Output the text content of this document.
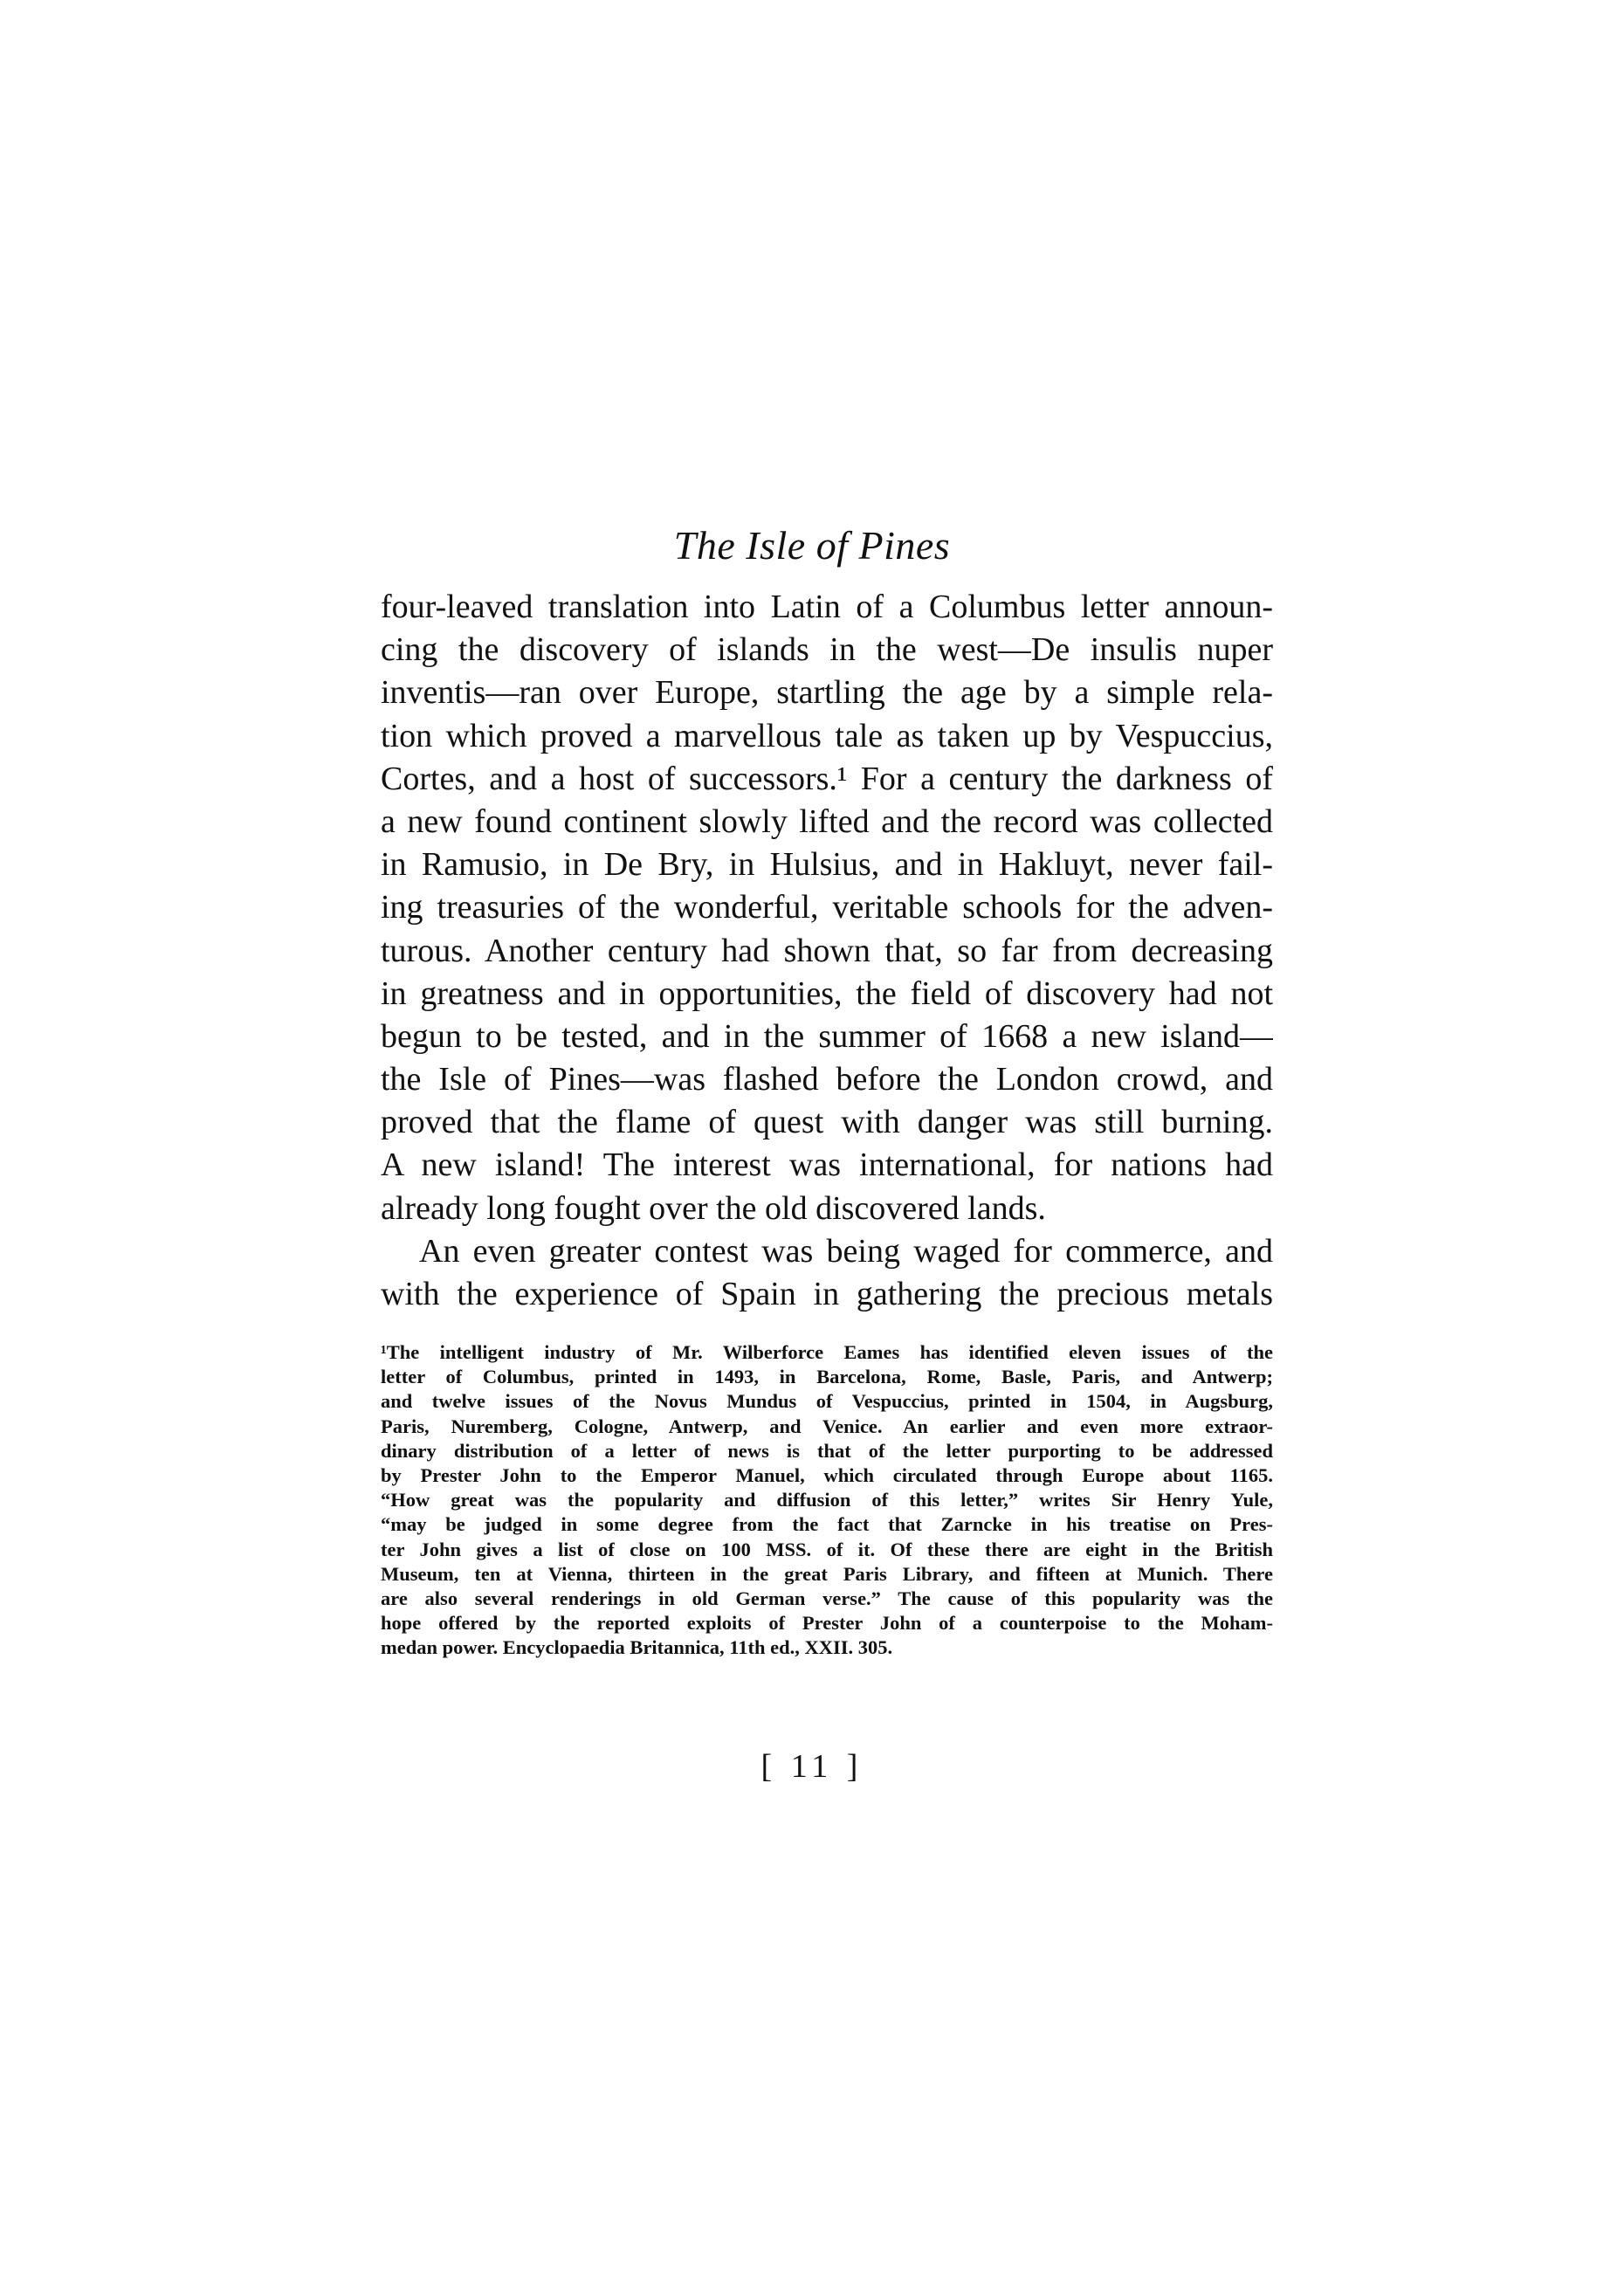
The Isle of Pines
four-leaved translation into Latin of a Columbus letter announ-
cing the discovery of islands in the west—De insulis nuper
inventis—ran over Europe, startling the age by a simple rela-
tion which proved a marvellous tale as taken up by Vespuccius,
Cortes, and a host of successors.¹ For a century the darkness of
a new found continent slowly lifted and the record was collected
in Ramusio, in De Bry, in Hulsius, and in Hakluyt, never fail-
ing treasuries of the wonderful, veritable schools for the adven-
turous. Another century had shown that, so far from decreasing
in greatness and in opportunities, the field of discovery had not
begun to be tested, and in the summer of 1668 a new island—
the Isle of Pines—was flashed before the London crowd, and
proved that the flame of quest with danger was still burning.
A new island! The interest was international, for nations had
already long fought over the old discovered lands.
An even greater contest was being waged for commerce, and
with the experience of Spain in gathering the precious metals
¹The intelligent industry of Mr. Wilberforce Eames has identified eleven issues of the
letter of Columbus, printed in 1493, in Barcelona, Rome, Basle, Paris, and Antwerp;
and twelve issues of the Novus Mundus of Vespuccius, printed in 1504, in Augsburg,
Paris, Nuremberg, Cologne, Antwerp, and Venice. An earlier and even more extraor-
dinary distribution of a letter of news is that of the letter purporting to be addressed
by Prester John to the Emperor Manuel, which circulated through Europe about 1165.
“How great was the popularity and diffusion of this letter,” writes Sir Henry Yule,
“may be judged in some degree from the fact that Zarncke in his treatise on Pres-
ter John gives a list of close on 100 MSS. of it. Of these there are eight in the British
Museum, ten at Vienna, thirteen in the great Paris Library, and fifteen at Munich. There
are also several renderings in old German verse.” The cause of this popularity was the
hope offered by the reported exploits of Prester John of a counterpoise to the Moham-
medan power. Encyclopaedia Britannica, 11th ed., XXII. 305.
[ 11 ]
